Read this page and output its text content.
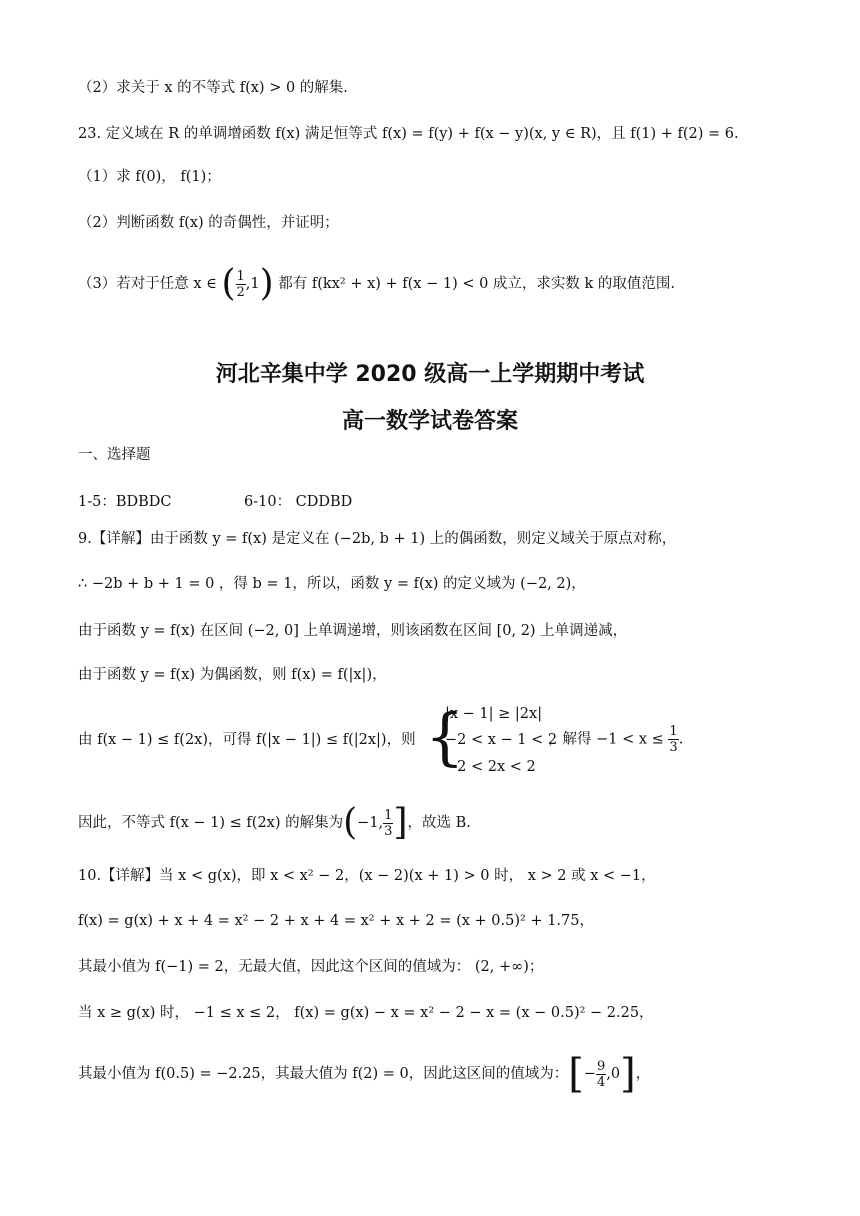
（2）求关于 x 的不等式 f(x) > 0 的解集.
23. 定义域在 R 的单调增函数 f(x) 满足恒等式 f(x) = f(y) + f(x − y)(x, y ∈ R)，且 f(1) + f(2) = 6.
（1）求 f(0)， f(1)；
（2）判断函数 f(x) 的奇偶性，并证明；
（3）若对于任意 x ∈ ( $\frac{1}{2} ,1$) 都有 f(kx² + x) + f(x − 1) < 0 成立，求实数 k 的取值范围.
河北辛集中学 2020 级高一上学期期中考试
高一数学试卷答案
一、选择题
1-5：BDBDC	6-10： CDDBD
9.【详解】由于函数 y = f(x) 是定义在 (−2b, b + 1) 上的偶函数，则定义域关于原点对称，
∴ −2b + b + 1 = 0 ，得 b = 1，所以，函数 y = f(x) 的定义域为 (−2, 2)，
由于函数 y = f(x) 在区间 (−2, 0] 上单调递增，则该函数在区间 [0, 2) 上单调递减，
由于函数 y = f(x) 为偶函数，则 f(x) = f(|x|)，
由 f(x − 1) ≤ f(2x)，可得 f(|x − 1|) ≤ f(|2x|)，则 {
|x − 1| ≥ |2x|
−2 < x − 1 < 2
−2 < 2x < 2
，解得 $-1 < x \le \frac{1}{3}$ .
因此，不等式 f(x − 1) ≤ f(2x) 的解集为(−1, $\frac{1}{3}$ ]，故选 B.
10.【详解】当 x < g(x)，即 x < x² − 2，(x − 2)(x + 1) > 0 时， x > 2 或 x < −1，
f(x) = g(x) + x + 4 = x² − 2 + x + 4 = x² + x + 2 = (x + 0.5)² + 1.75，
其最小值为 f(−1) = 2，无最大值，因此这个区间的值域为： (2, +∞)；
当 x ≥ g(x) 时， −1 ≤ x ≤ 2， f(x) = g(x) − x = x² − 2 − x = (x − 0.5)² − 2.25，
其最小值为 f(0.5) = −2.25，其最大值为 f(2) = 0，因此这区间的值域为：[− $\frac{9}{4} ,0$]，
